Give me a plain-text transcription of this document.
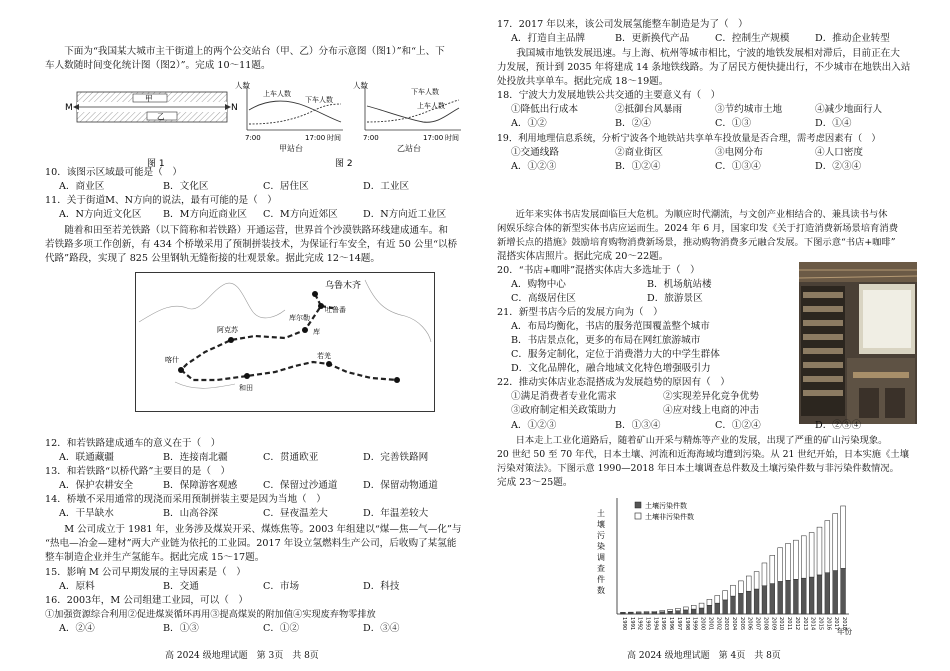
下面为“我国某大城市主干街道上的两个公交站台（甲、乙）分布示意图（图1）”和“上、下
车人数随时间变化统计图（图2）”。完成 10～11题。
M	N
甲
乙
图 1
人数
上车人数
下车人数
7:00	17:00 时间
甲站台
人数
下车人数
上车人数
7:00	17:00 时间
乙站台
图 2
10．该图示区域最可能是（　）
A．商业区	B．文化区	C．居住区	D．工业区
11．关于街道M、N方向的说法，最有可能的是（　）
A．N方向近文化区 B．M方向近商业区 C．M方向近郊区	D．N方向近工业区
随着和田至若羌铁路（以下简称和若铁路）开通运营，世界首个沙漠铁路环线建成通车。和
若铁路多项工作创新，有 434 个桥墩采用了预制拼装技术，为保证行车安全，有近 50 公里“以桥
代路”路段，实现了 825 公里钢轨无缝衔接的壮观景象。据此完成 12～14题。
乌鲁木齐
吐鲁番
库尔勒
阿克苏	库
喀什
和田
若羌
12．和若铁路建成通车的意义在于（　）
A．联通藏疆	B．连接南北疆	C．贯通欧亚	D．完善铁路网
13．和若铁路“以桥代路”主要目的是（　）
A．保护农耕安全	B．保障游客观感	C．保留过沙通道	D．保留动物通道
14．桥墩不采用通常的现浇而采用预制拼装主要是因为当地（　）
A．干旱缺水	B．山高谷深	C．昼夜温差大	D．年温差较大
M 公司成立于 1981 年，业务涉及煤炭开采、煤炼焦等。2003 年组建以“煤—焦—气—化”与
“热电—冶金—建材”两大产业链为依托的工业园。2017 年设立氢燃料生产公司，后收购了某氢能
整车制造企业并生产氢能车。据此完成 15～17题。
15．影响 M 公司早期发展的主导因素是（　）
A．原料	B．交通	C．市场	D．科技
16．2003年，M 公司组建工业园，可以（　）
①加强资源综合利用②促进煤炭循环再用③提高煤炭的附加值④实现废弃物零排放
A．②④	B．①③	C．①②	D．③④
高 2024 级地理试题　第 3页　共 8页
17．2017 年以来，该公司发展氢能整车制造是为了（　）
A．打造自主品牌	B．更新换代产品	C．控制生产规模	D．推动企业转型
我国城市地铁发展迅速。与上海、杭州等城市相比，宁波的地铁发展相对滞后，目前正在大
力发展，预计到 2035 年将建成 14 条地铁线路。为了居民方便快捷出行，不少城市在地铁出入站
处投放共享单车。据此完成 18～19题。
18．宁波大力发展地铁公共交通的主要意义有（　）
①降低出行成本	②抵御台风暴雨	③节约城市土地	④减少地面行人
A．①②	B．②④	C．①③	D．①④
19．利用地理信息系统，分析宁波各个地铁站共享单车投放量是否合理，需考虑因素有（　）
①交通线路	②商业街区	③电网分布	④人口密度
A．①②③	B．①②④	C．①③④	D．②③④
近年来实体书店发展面临巨大危机。为顺应时代潮流，与文创产业相结合的、兼具读书与休
闲娱乐综合体的新型实体书店应运而生。2024 年 6 月，国家印发《关于打造消费新场景培育消费
新增长点的措施》鼓励培育购物消费新场景，推动购物消费多元融合发展。下图示意“书店+咖啡”
混搭实体店照片。据此完成 20～22题。
20．“书店+咖啡”混搭实体店大多选址于（　）
A．购物中心	B．机场航站楼
C．高级居住区	D．旅游景区
21．新型书店今后的发展方向为（　）
A．布局均衡化，书店的服务范围覆盖整个城市
B．书店景点化，更多的布局在网红旅游城市
C．服务定制化，定位于消费潜力大的中学生群体
D．文化品牌化，融合地域文化特色增强吸引力
22．推动实体店业态混搭成为发展趋势的原因有（　）
①满足消费者专业化需求	②实现差异化竞争优势
③政府制定相关政策助力	④应对线上电商的冲击
A．①②③	B．①③④	C．①②④	D．②③④
日本走上工业化道路后，随着矿山开采与精炼等产业的发展，出现了严重的矿山污染现象。
20 世纪 50 至 70 年代，日本土壤、河流和近海海域均遭到污染。从 21 世纪开始，日本实施《土壤
污染对策法》。下图示意 1990—2018 年日本土壤调查总件数及土壤污染件数与非污染件数情况。
完成 23～25题。
土
壤
污
染
调
查
件
数
土壤污染件数
土壤非污染件数
1990 1991 1992 1993 1994 1995 1996 1997 1998 1999 2000 2001 2002 2003 2004 2005 2006 2007 2008 2009 2010 2011 2012 2013 2014 2015 2016 2017 2018
年份
高 2024 级地理试题　第 4页　共 8页
